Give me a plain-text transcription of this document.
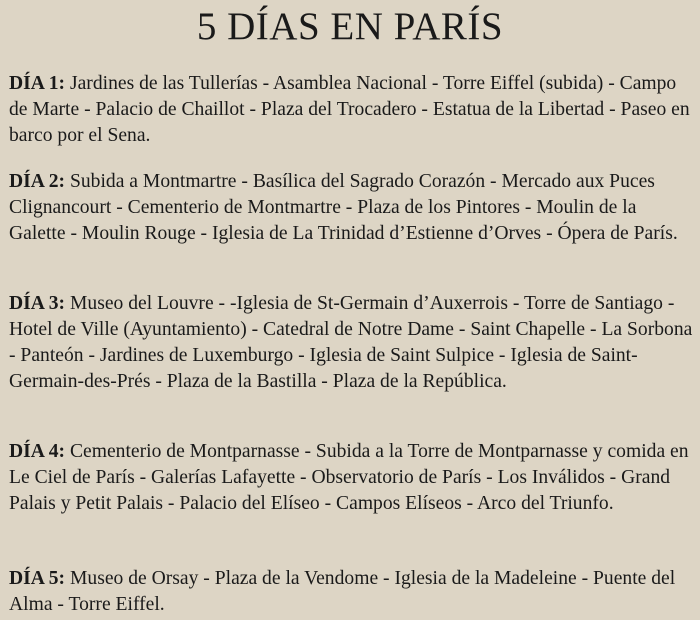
5 DÍAS EN PARÍS

DÍA 1: Jardines de las Tullerías - Asamblea Nacional - Torre Eiffel (subida) - Campo de Marte - Palacio de Chaillot - Plaza del Trocadero - Estatua de la Libertad - Paseo en barco por el Sena.

DÍA 2: Subida a Montmartre - Basílica del Sagrado Corazón - Mercado aux Puces Clignancourt - Cementerio de Montmartre - Plaza de los Pintores - Moulin de la Galette - Moulin Rouge - Iglesia de La Trinidad d’Estienne d’Orves - Ópera de París.

DÍA 3: Museo del Louvre - -Iglesia de St-Germain d’Auxerrois - Torre de Santiago - Hotel de Ville (Ayuntamiento) - Catedral de Notre Dame - Saint Chapelle - La Sorbona - Panteón - Jardines de Luxemburgo - Iglesia de Saint Sulpice - Iglesia de Saint-Germain-des-Prés - Plaza de la Bastilla - Plaza de la República.

DÍA 4: Cementerio de Montparnasse - Subida a la Torre de Montparnasse y comida en Le Ciel de París - Galerías Lafayette - Observatorio de París - Los Inválidos - Grand Palais y Petit Palais - Palacio del Elíseo - Campos Elíseos - Arco del Triunfo.

DÍA 5: Museo de Orsay - Plaza de la Vendome - Iglesia de la Madeleine - Puente del Alma - Torre Eiffel.
